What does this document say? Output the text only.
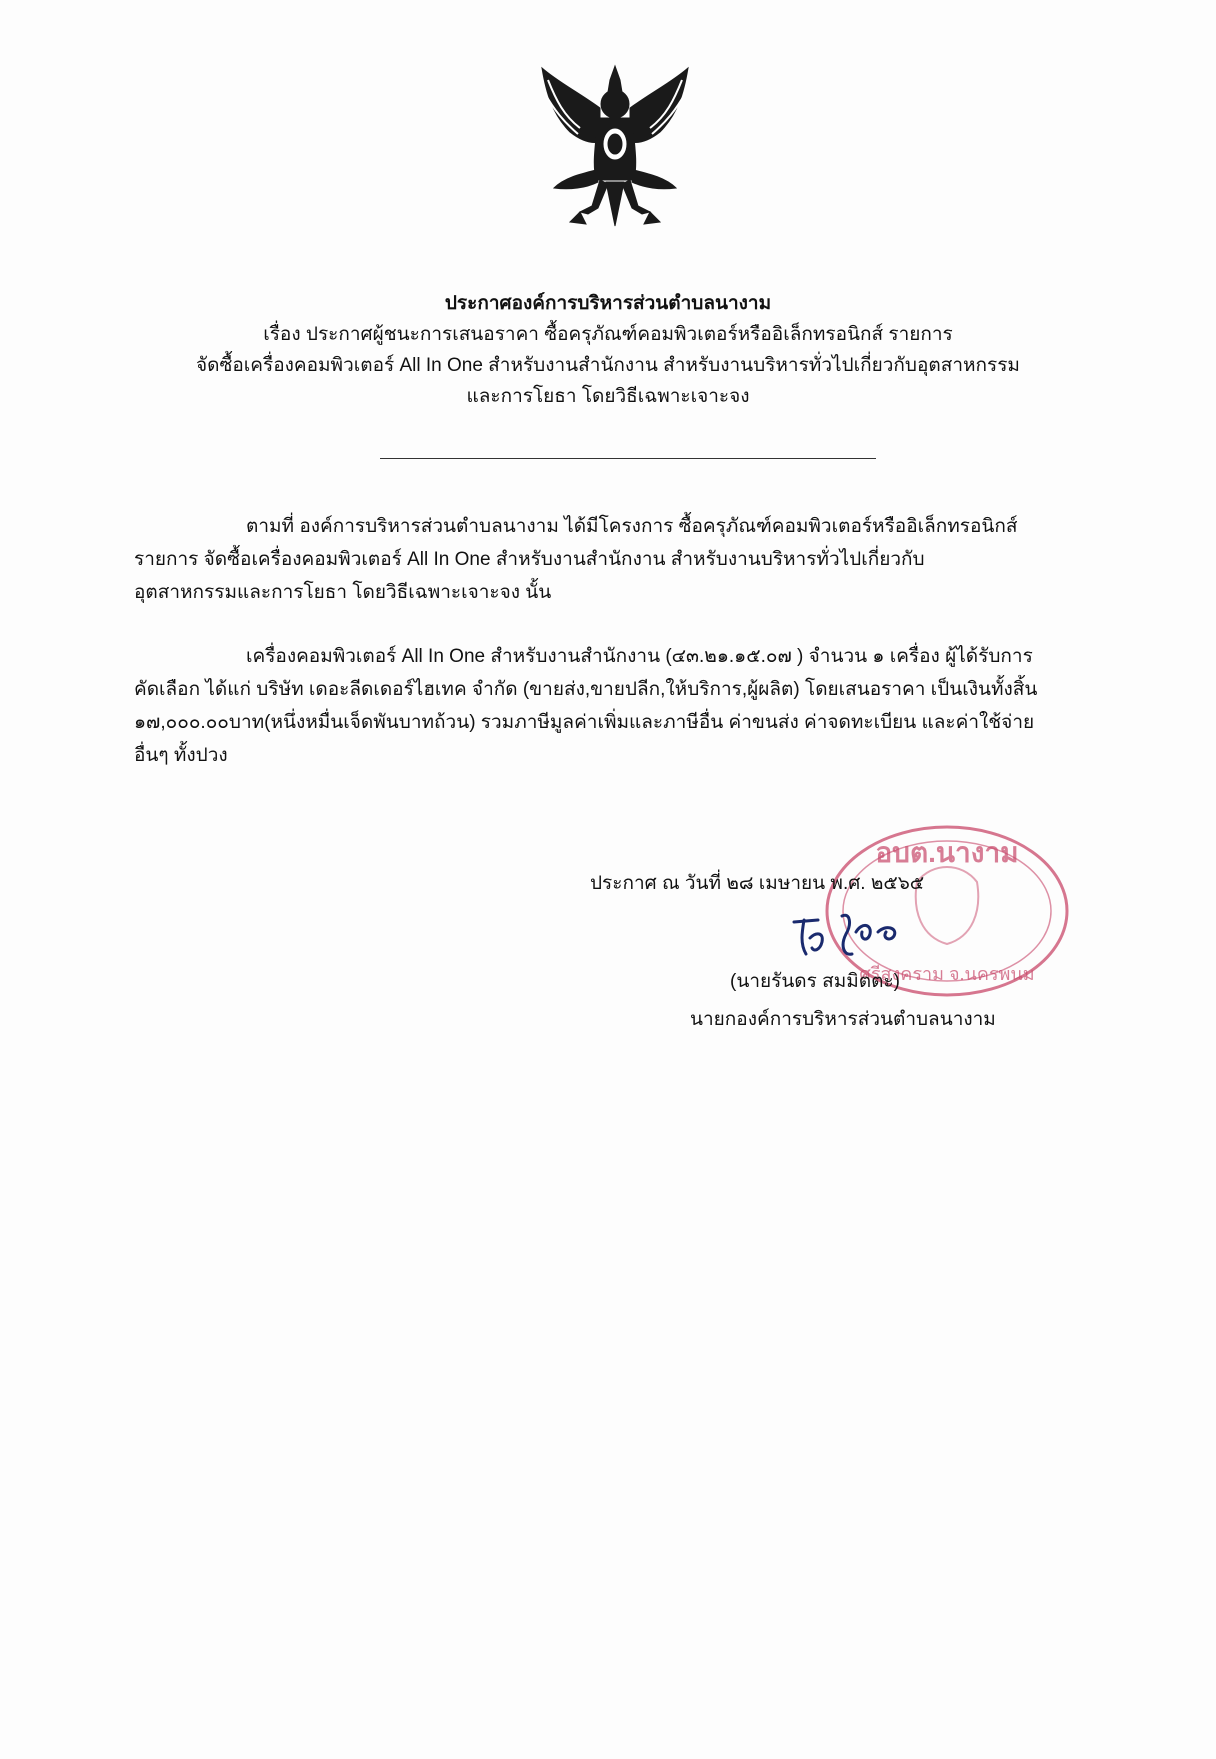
ประกาศองค์การบริหารส่วนตำบลนางาม
เรื่อง ประกาศผู้ชนะการเสนอราคา ซื้อครุภัณฑ์คอมพิวเตอร์หรืออิเล็กทรอนิกส์ รายการ
จัดซื้อเครื่องคอมพิวเตอร์ All In One สำหรับงานสำนักงาน สำหรับงานบริหารทั่วไปเกี่ยวกับอุตสาหกรรม
และการโยธา โดยวิธีเฉพาะเจาะจง
ตามที่ องค์การบริหารส่วนตำบลนางาม ได้มีโครงการ ซื้อครุภัณฑ์คอมพิวเตอร์หรืออิเล็กทรอนิกส์
รายการ จัดซื้อเครื่องคอมพิวเตอร์ All In One สำหรับงานสำนักงาน สำหรับงานบริหารทั่วไปเกี่ยวกับ
อุตสาหกรรมและการโยธา โดยวิธีเฉพาะเจาะจง นั้น
เครื่องคอมพิวเตอร์ All In One สำหรับงานสำนักงาน (๔๓.๒๑.๑๕.๐๗ ) จำนวน ๑ เครื่อง ผู้ได้รับการ
คัดเลือก ได้แก่ บริษัท เดอะลีดเดอร์ไฮเทค จำกัด (ขายส่ง,ขายปลีก,ให้บริการ,ผู้ผลิต) โดยเสนอราคา เป็นเงินทั้งสิ้น
๑๗,๐๐๐.๐๐บาท(หนึ่งหมื่นเจ็ดพันบาทถ้วน) รวมภาษีมูลค่าเพิ่มและภาษีอื่น ค่าขนส่ง ค่าจดทะเบียน และค่าใช้จ่าย
อื่นๆ ทั้งปวง
อบต.นางาม
ศรีสงคราม จ.นครพนม
ประกาศ ณ วันที่ ๒๘ เมษายน พ.ศ. ๒๕๖๕
(นายรันดร สมมิตตะ)
นายกองค์การบริหารส่วนตำบลนางาม
